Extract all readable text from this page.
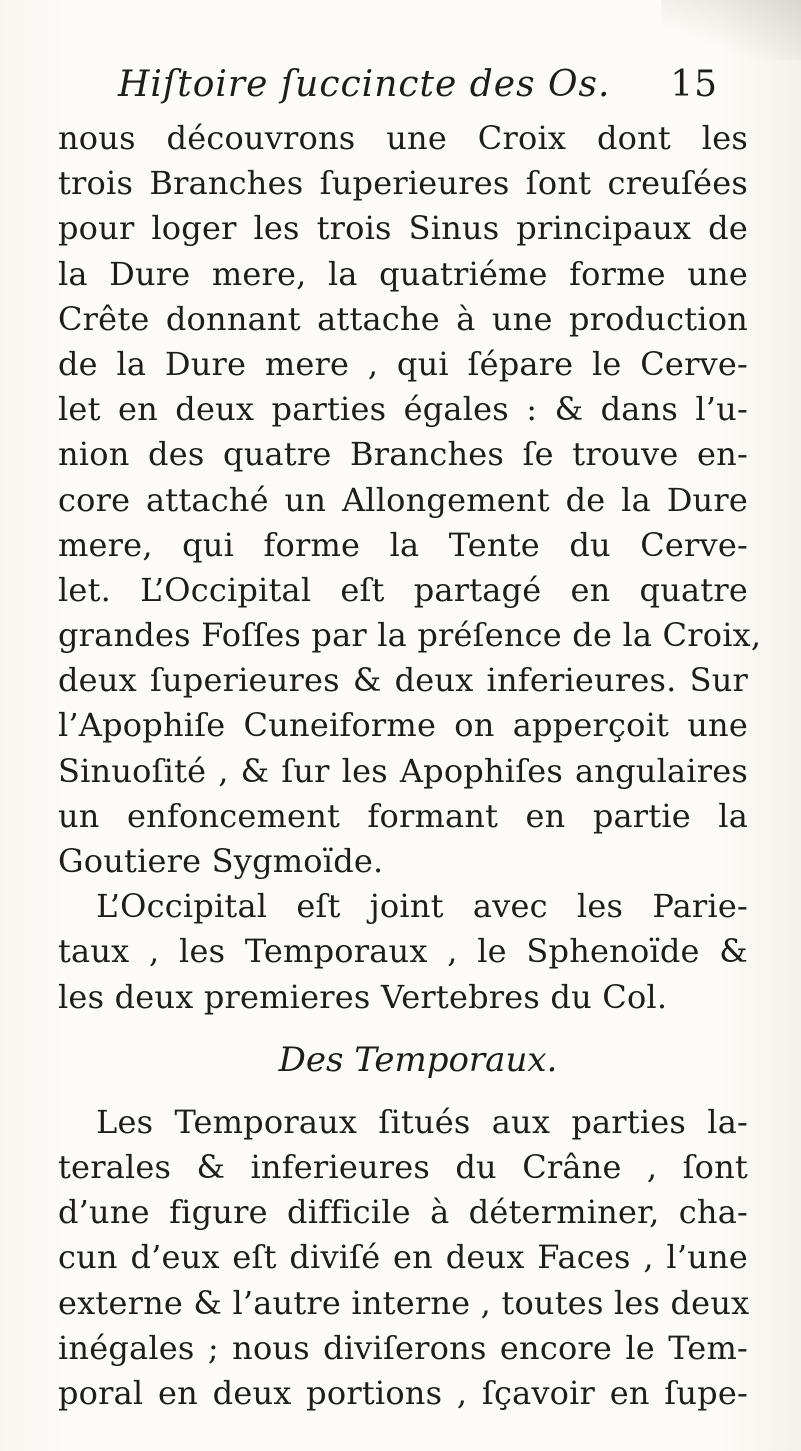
Hiſtoire ſuccincte des Os. 15
nous découvrons une Croix dont les
trois Branches ſuperieures ſont creuſées
pour loger les trois Sinus principaux de
la Dure mere, la quatriéme forme une
Crête donnant attache à une production
de la Dure mere , qui ſépare le Cerve-
let en deux parties égales : & dans l’u-
nion des quatre Branches ſe trouve en-
core attaché un Allongement de la Dure
mere, qui forme la Tente du Cerve-
let. L’Occipital eſt partagé en quatre
grandes Foſſes par la préſence de la Croix,
deux ſuperieures & deux inferieures. Sur
l’Apophiſe Cuneiforme on apperçoit une
Sinuoſité , & ſur les Apophiſes angulaires
un enfoncement formant en partie la
Goutiere Sygmoïde.
L’Occipital eſt joint avec les Parie-
taux , les Temporaux , le Sphenoïde &
les deux premieres Vertebres du Col.
Des Temporaux.
Les Temporaux ſitués aux parties la-
terales & inferieures du Crâne , ſont
d’une figure difficile à déterminer, cha-
cun d’eux eſt diviſé en deux Faces , l’une
externe & l’autre interne , toutes les deux
inégales ; nous diviſerons encore le Tem-
poral en deux portions , ſçavoir en ſupe-
